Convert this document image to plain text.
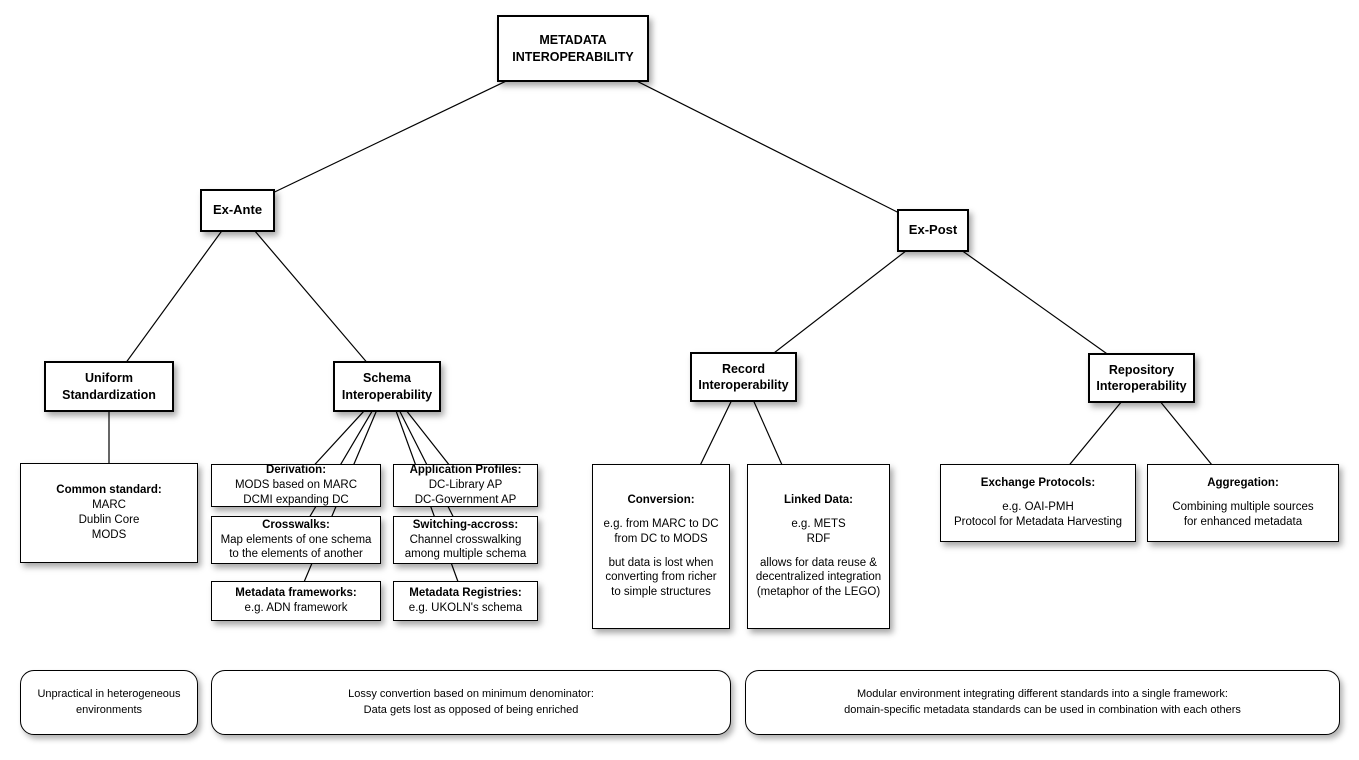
METADATA INTEROPERABILITY
Ex-Ante
Ex-Post
Uniform Standardization
Schema Interoperability
Record Interoperability
Repository Interoperability
Common standard:
MARC
Dublin Core
MODS
Derivation:
MODS based on MARC
DCMI expanding DC
Application Profiles:
DC-Library AP
DC-Government AP
Crosswalks:
Map elements of one schema
to the elements of another
Switching-accross:
Channel crosswalking
among multiple schema
Metadata frameworks:
e.g. ADN framework
Metadata Registries:
e.g. UKOLN's schema
Conversion:
e.g. from MARC to DC
from DC to MODS
but data is lost when
converting from richer
to simple structures
Linked Data:
e.g. METS
RDF
allows for data reuse &
decentralized integration
(metaphor of the LEGO)
Exchange Protocols:
e.g. OAI-PMH
Protocol for Metadata Harvesting
Aggregation:
Combining multiple sources
for enhanced metadata
Unpractical in heterogeneous
environments
Lossy convertion based on minimum denominator:
Data gets lost as opposed of being enriched
Modular environment integrating different standards into a single framework:
domain-specific metadata standards can be used in combination with each others
